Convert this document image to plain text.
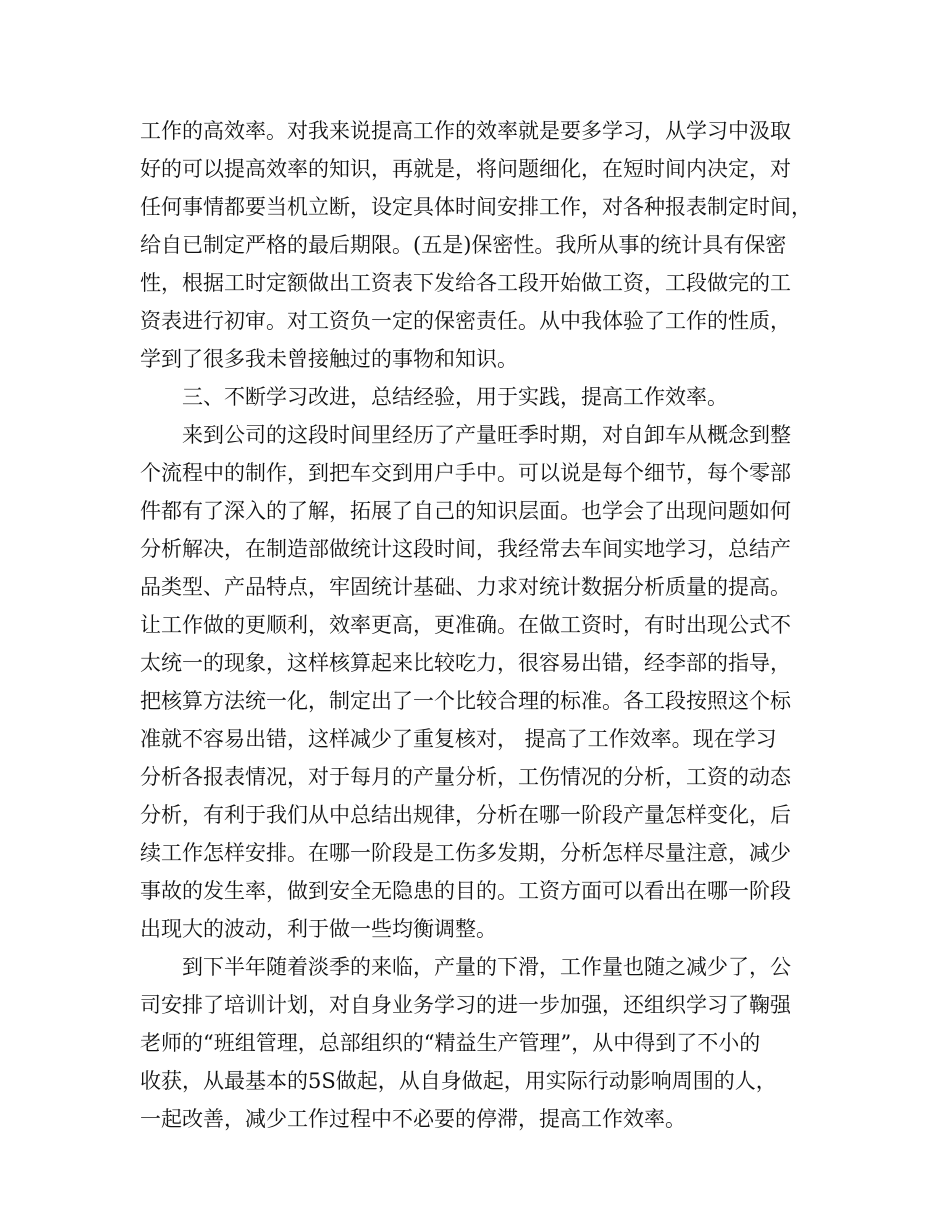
工作的高效率。对我来说提高工作的效率就是要多学习，从学习中汲取
好的可以提高效率的知识，再就是，将问题细化，在短时间内决定，对
任何事情都要当机立断，设定具体时间安排工作，对各种报表制定时间，
给自已制定严格的最后期限。(五是)保密性。我所从事的统计具有保密
性，根据工时定额做出工资表下发给各工段开始做工资，工段做完的工
资表进行初审。对工资负一定的保密责任。从中我体验了工作的性质，
学到了很多我未曾接触过的事物和知识。
三、不断学习改进，总结经验，用于实践，提高工作效率。
来到公司的这段时间里经历了产量旺季时期，对自卸车从概念到整
个流程中的制作，到把车交到用户手中。可以说是每个细节，每个零部
件都有了深入的了解，拓展了自己的知识层面。也学会了出现问题如何
分析解决，在制造部做统计这段时间，我经常去车间实地学习，总结产
品类型、产品特点，牢固统计基础、力求对统计数据分析质量的提高。
让工作做的更顺利，效率更高，更准确。在做工资时，有时出现公式不
太统一的现象，这样核算起来比较吃力，很容易出错，经李部的指导，
把核算方法统一化，制定出了一个比较合理的标准。各工段按照这个标
准就不容易出错，这样减少了重复核对， 提高了工作效率。现在学习
分析各报表情况，对于每月的产量分析，工伤情况的分析，工资的动态
分析，有利于我们从中总结出规律，分析在哪一阶段产量怎样变化，后
续工作怎样安排。在哪一阶段是工伤多发期，分析怎样尽量注意，减少
事故的发生率，做到安全无隐患的目的。工资方面可以看出在哪一阶段
出现大的波动，利于做一些均衡调整。
到下半年随着淡季的来临，产量的下滑，工作量也随之减少了，公
司安排了培训计划，对自身业务学习的进一步加强，还组织学习了鞠强
老师的“班组管理，总部组织的“精益生产管理”，从中得到了不小的
收获，从最基本的5S做起，从自身做起，用实际行动影响周围的人，
一起改善，减少工作过程中不必要的停滞，提高工作效率。
